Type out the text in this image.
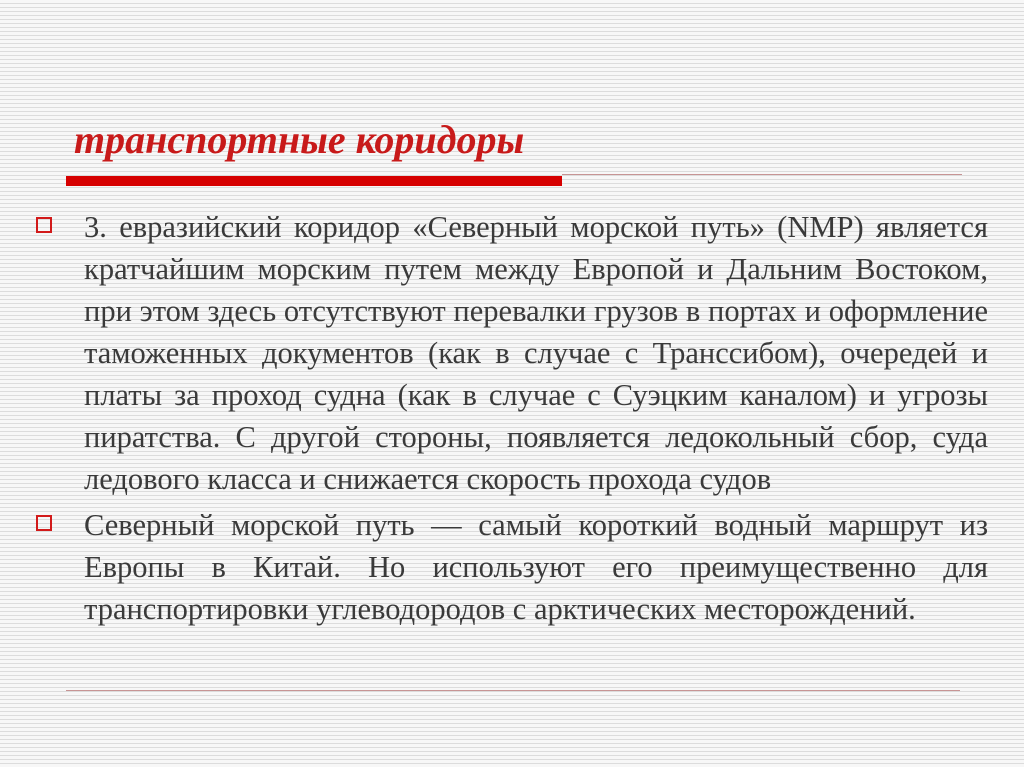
транспортные коридоры
3. евразийский коридор «Северный морской путь» (NMP) является кратчайшим морским путем между Европой и Дальним Востоком, при этом здесь отсутствуют перевалки грузов в портах и оформление таможенных документов (как в случае с Транссибом), очередей и платы за проход судна (как в случае с Суэцким каналом) и угрозы пиратства. С другой стороны, появляется ледокольный сбор, суда ледового класса и снижается скорость прохода судов
Северный морской путь — самый короткий водный маршрут из Европы в Китай. Но используют его преимущественно для транспортировки углеводородов с арктических месторождений.
